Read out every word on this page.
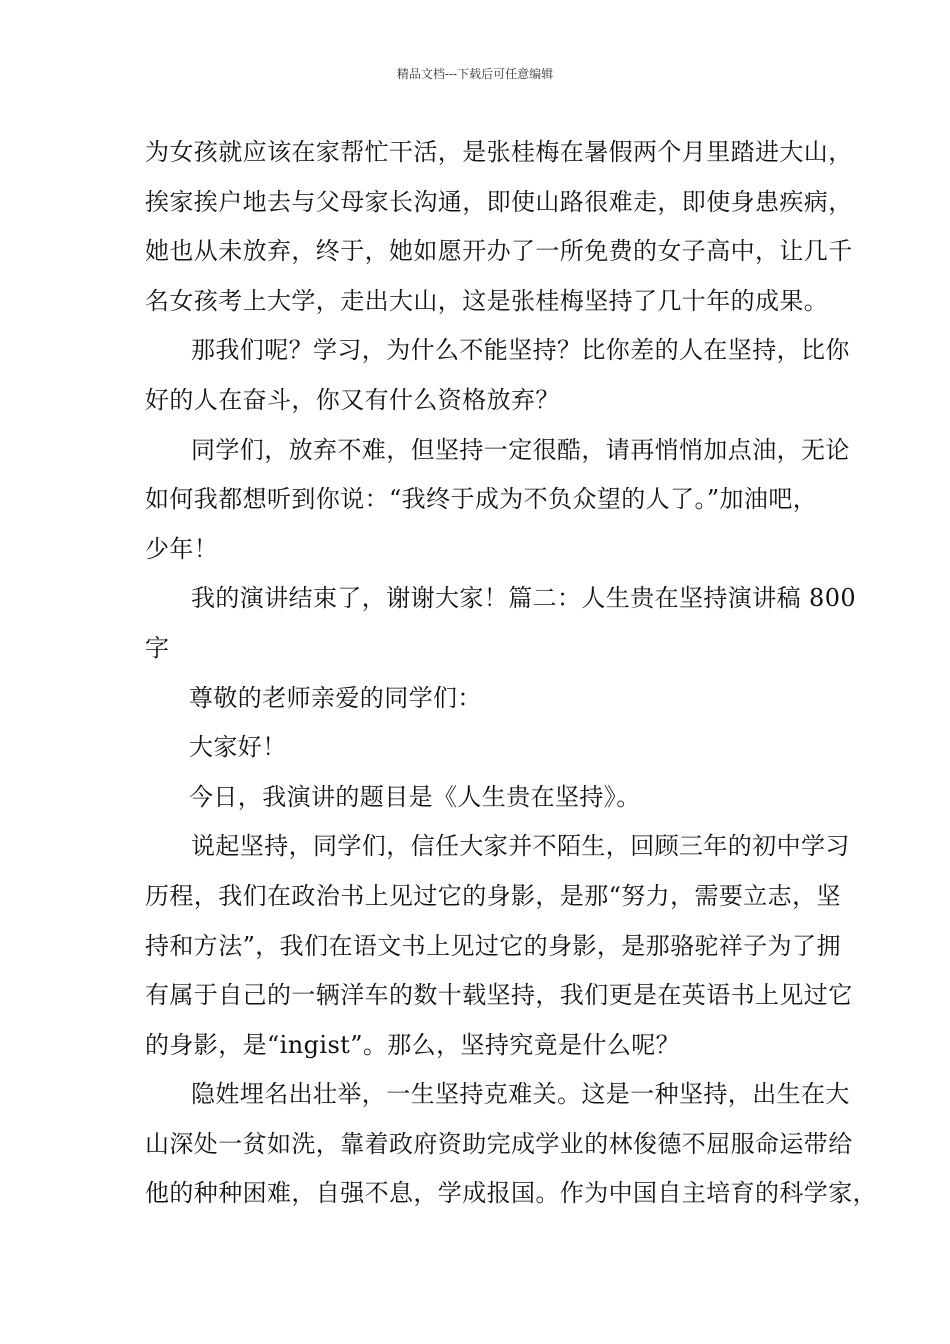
精品文档---下载后可任意编辑
为女孩就应该在家帮忙干活，是张桂梅在暑假两个月里踏进大山，
挨家挨户地去与父母家长沟通，即使山路很难走，即使身患疾病，
她也从未放弃，终于，她如愿开办了一所免费的女子高中，让几千
名女孩考上大学，走出大山，这是张桂梅坚持了几十年的成果。
那我们呢？学习，为什么不能坚持？比你差的人在坚持，比你
好的人在奋斗，你又有什么资格放弃？
同学们，放弃不难，但坚持一定很酷，请再悄悄加点油，无论
如何我都想听到你说：“我终于成为不负众望的人了。”加油吧，
少年！
我的演讲结束了，谢谢大家！篇二：人生贵在坚持演讲稿 800
字
尊敬的老师亲爱的同学们：
大家好！
今日，我演讲的题目是《人生贵在坚持》。
说起坚持，同学们，信任大家并不陌生，回顾三年的初中学习
历程，我们在政治书上见过它的身影，是那“努力，需要立志，坚
持和方法”，我们在语文书上见过它的身影，是那骆驼祥子为了拥
有属于自己的一辆洋车的数十载坚持，我们更是在英语书上见过它
的身影，是“ingist”。那么，坚持究竟是什么呢？
隐姓埋名出壮举，一生坚持克难关。这是一种坚持，出生在大
山深处一贫如洗，靠着政府资助完成学业的林俊德不屈服命运带给
他的种种困难，自强不息，学成报国。作为中国自主培育的科学家，
